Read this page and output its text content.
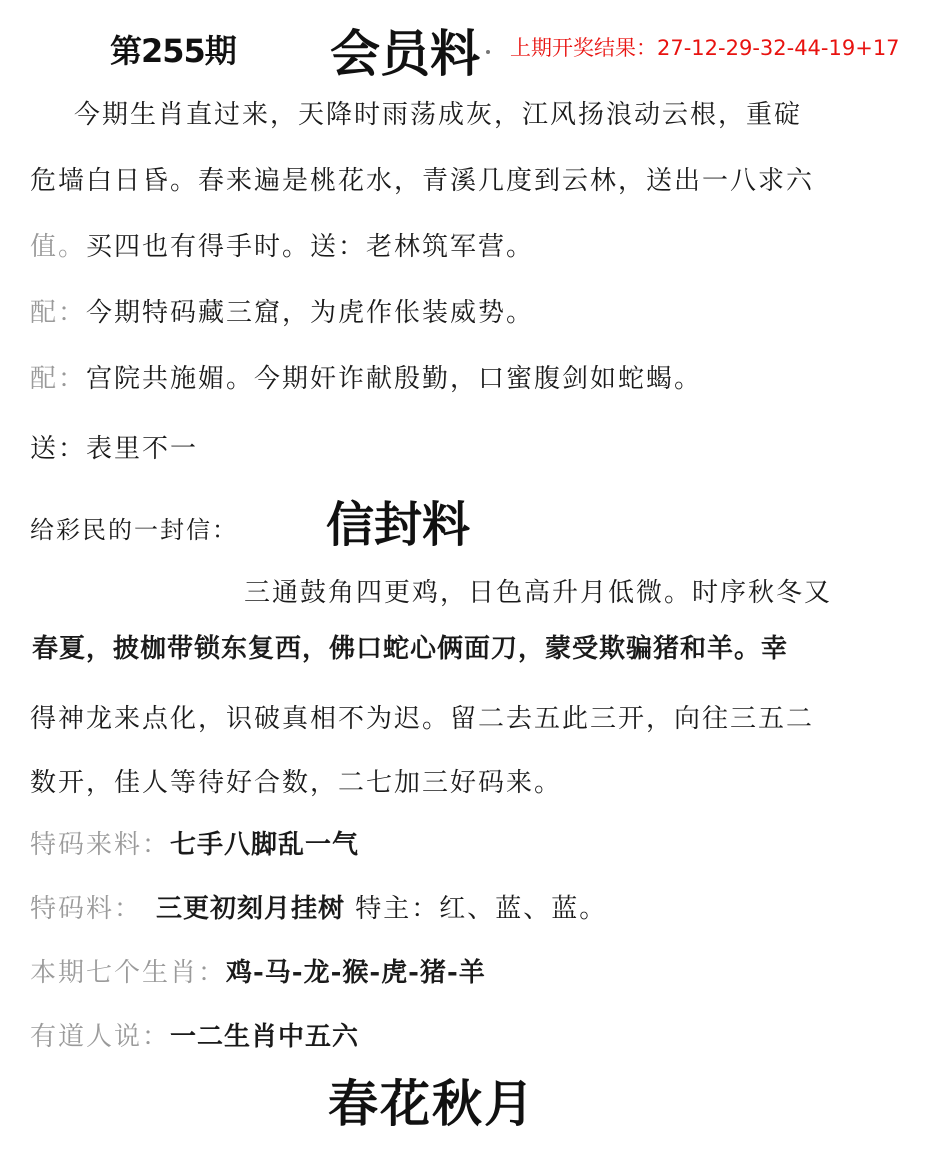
第255期 会员料 上期开奖结果：27-12-29-32-44-19+17
今期生肖直过来，天降时雨荡成灰，江风扬浪动云根，重碇
危墙白日昏。春来遍是桃花水，青溪几度到云林，送出一八求六
值。买四也有得手时。送：老林筑军营。
配：今期特码藏三窟，为虎作伥装威势。
配：宫院共施媚。今期奸诈献殷勤，口蜜腹剑如蛇蝎。
送：表里不一
给彩民的一封信： 信封料
三通鼓角四更鸡，日色高升月低微。时序秋冬又
春夏，披枷带锁东复西，佛口蛇心俩面刀，蒙受欺骗猪和羊。幸
得神龙来点化，识破真相不为迟。留二去五此三开，向往三五二
数开，佳人等待好合数，二七加三好码来。
特码来料：七手八脚乱一气
特码料： 三更初刻月挂树 特主：红、蓝、蓝。
本期七个生肖：鸡-马-龙-猴-虎-猪-羊
有道人说：一二生肖中五六
春花秋月
